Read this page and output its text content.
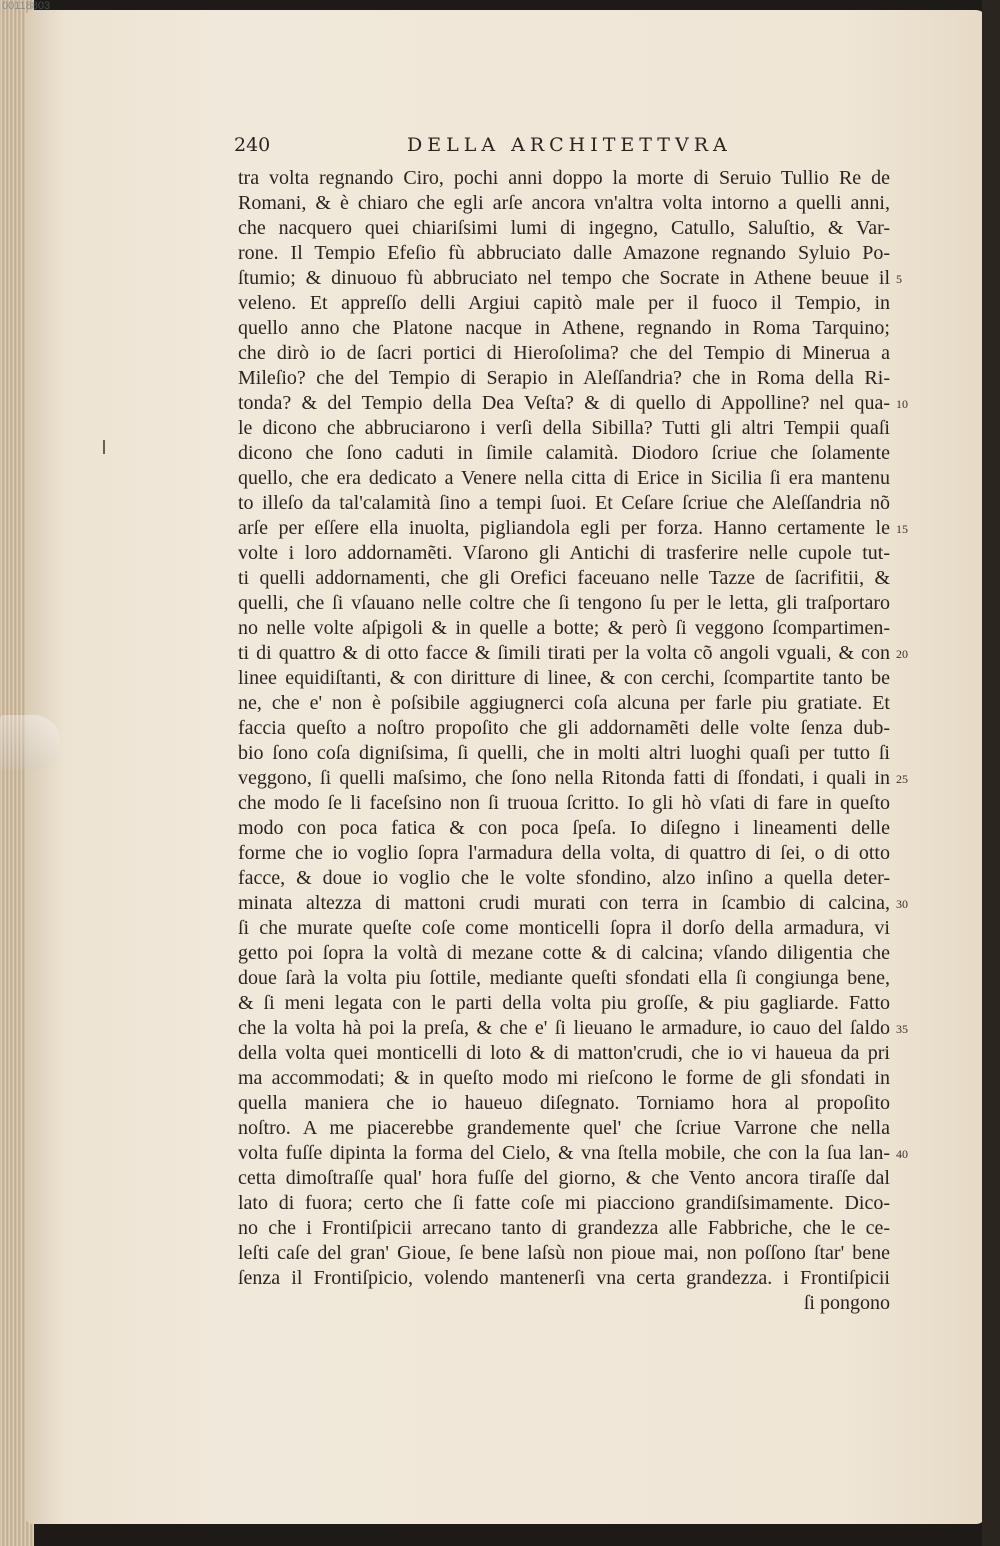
00118803
240	DELLA ARCHITETTVRA
tra volta regnando Ciro, pochi anni doppo la morte di Seruio Tullio Re de
Romani, & è chiaro che egli arſe ancora vn'altra volta intorno a quelli anni,
che nacquero quei chiariſsimi lumi di ingegno, Catullo, Saluſtio, & Var-
rone. Il Tempio Efeſio fù abbruciato dalle Amazone regnando Syluio Po-
ſtumio; & dinuouo fù abbruciato nel tempo che Socrate in Athene beuue il
veleno. Et appreſſo delli Argiui capitò male per il fuoco il Tempio, in
quello anno che Platone nacque in Athene, regnando in Roma Tarquino;
che dirò io de ſacri portici di Hieroſolima? che del Tempio di Minerua a
Mileſio? che del Tempio di Serapio in Aleſſandria? che in Roma della Ri-
tonda? & del Tempio della Dea Veſta? & di quello di Appolline? nel qua-
le dicono che abbruciarono i verſi della Sibilla? Tutti gli altri Tempii quaſi
dicono che ſono caduti in ſimile calamità. Diodoro ſcriue che ſolamente
quello, che era dedicato a Venere nella citta di Erice in Sicilia ſi era mantenu
to illeſo da tal'calamità ſino a tempi ſuoi. Et Ceſare ſcriue che Aleſſandria nõ
arſe per eſſere ella inuolta, pigliandola egli per forza. Hanno certamente le
volte i loro addornamẽti. Vſarono gli Antichi di trasferire nelle cupole tut-
ti quelli addornamenti, che gli Orefici faceuano nelle Tazze de ſacrifitii, &
quelli, che ſi vſauano nelle coltre che ſi tengono ſu per le letta, gli traſportaro
no nelle volte aſpigoli & in quelle a botte; & però ſi veggono ſcompartimen-
ti di quattro & di otto facce & ſimili tirati per la volta cõ angoli vguali, & con
linee equidiſtanti, & con diritture di linee, & con cerchi, ſcompartite tanto be
ne, che e' non è poſsibile aggiugnerci coſa alcuna per farle piu gratiate. Et
faccia queſto a noſtro propoſito che gli addornamẽti delle volte ſenza dub-
bio ſono coſa digniſsima, ſi quelli, che in molti altri luoghi quaſi per tutto ſi
veggono, ſi quelli maſsimo, che ſono nella Ritonda fatti di ſfondati, i quali in
che modo ſe li faceſsino non ſi truoua ſcritto. Io gli hò vſati di fare in queſto
modo con poca fatica & con poca ſpeſa. Io diſegno i lineamenti delle
forme che io voglio ſopra l'armadura della volta, di quattro di ſei, o di otto
facce, & doue io voglio che le volte sfondino, alzo inſino a quella deter-
minata altezza di mattoni crudi murati con terra in ſcambio di calcina,
ſi che murate queſte coſe come monticelli ſopra il dorſo della armadura, vi
getto poi ſopra la voltà di mezane cotte & di calcina; vſando diligentia che
doue ſarà la volta piu ſottile, mediante queſti sfondati ella ſi congiunga bene,
& ſi meni legata con le parti della volta piu groſſe, & piu gagliarde. Fatto
che la volta hà poi la preſa, & che e' ſi lieuano le armadure, io cauo del ſaldo
della volta quei monticelli di loto & di matton'crudi, che io vi haueua da pri
ma accommodati; & in queſto modo mi rieſcono le forme de gli sfondati in
quella maniera che io haueuo diſegnato. Torniamo hora al propoſito
noſtro. A me piacerebbe grandemente quel' che ſcriue Varrone che nella
volta fuſſe dipinta la forma del Cielo, & vna ſtella mobile, che con la ſua lan-
cetta dimoſtraſſe qual' hora fuſſe del giorno, & che Vento ancora tiraſſe dal
lato di fuora; certo che ſi fatte coſe mi piacciono grandiſsimamente. Dico-
no che i Frontiſpicii arrecano tanto di grandezza alle Fabbriche, che le ce-
leſti caſe del gran' Gioue, ſe bene laſsù non pioue mai, non poſſono ſtar' bene
ſenza il Frontiſpicio, volendo mantenerſi vna certa grandezza. i Frontiſpicii
ſi pongono
5
10
15
20
25
30
35
40
